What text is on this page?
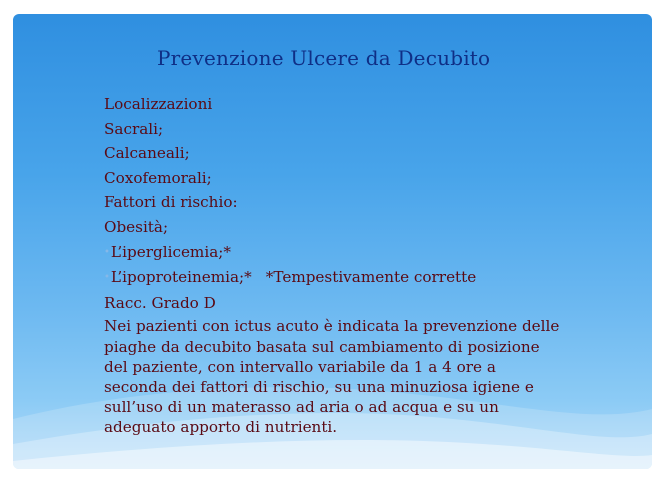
Prevenzione Ulcere da Decubito
Localizzazioni
Sacrali;
Calcaneali;
Coxofemorali;
Fattori di rischio:
Obesità;
•L’iperglicemia;*
•L’ipoproteinemia;* *Tempestivamente corrette
Racc. Grado D
Nei pazienti con ictus acuto è indicata la prevenzione delle
piaghe da decubito basata sul cambiamento di posizione
del paziente, con intervallo variabile da 1 a 4 ore a
seconda dei fattori di rischio, su una minuziosa igiene e
sull’uso di un materasso ad aria o ad acqua e su un
adeguato apporto di nutrienti.
